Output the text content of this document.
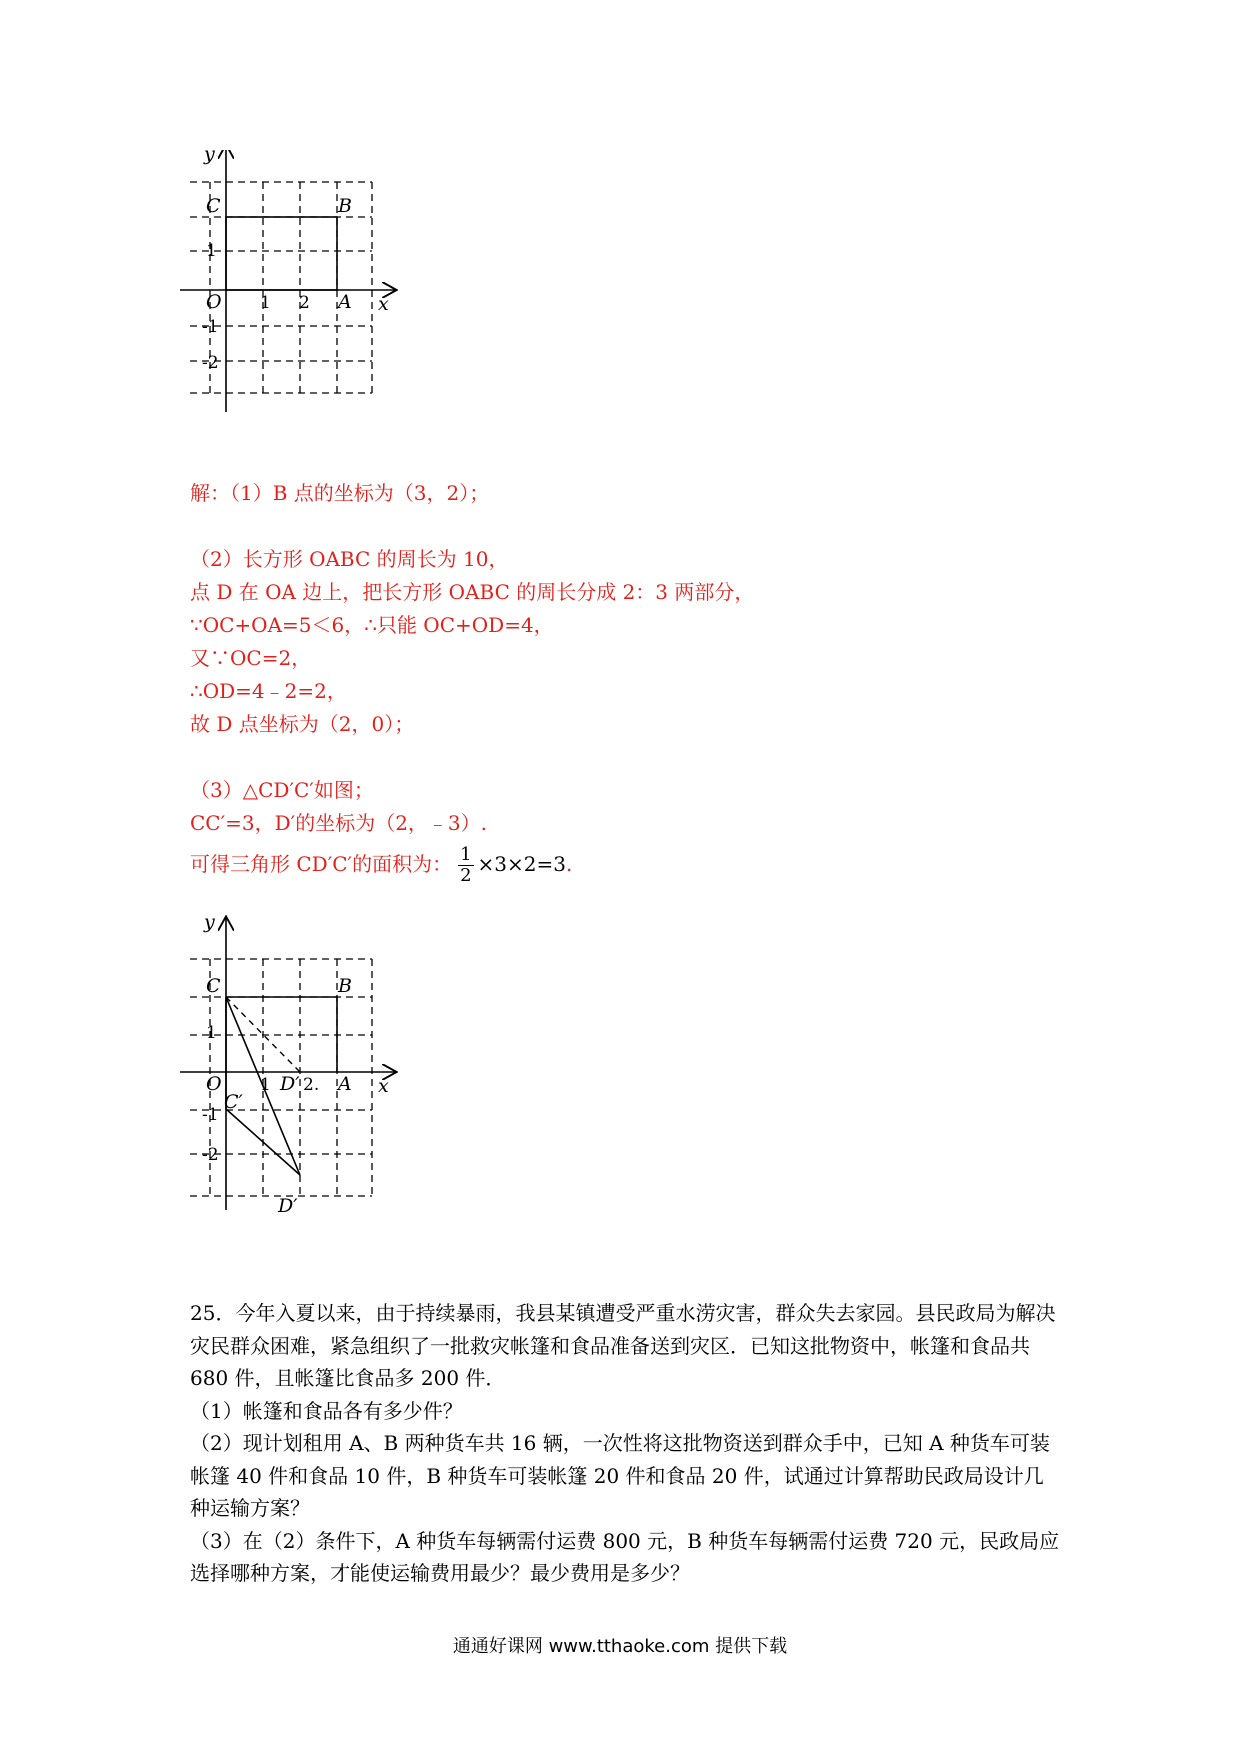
y
x
C	B
O	A
1 2
1
-1
-2

解：（1）B 点的坐标为（3，2）；

（2）长方形 OABC 的周长为 10，

点 D 在 OA 边上，把长方形 OABC 的周长分成 2：3 两部分，

∵OC+OA=5＜6，∴只能 OC+OD=4，

又∵OC=2，

∴OD=4﹣2=2，

故 D 点坐标为（2，0）；

（3）△CD′C′如图；

CC′=3，D′的坐标为（2，﹣3）.

可得三角形 CD′C′的面积为： $\frac{1}{2} \times 3\times 2=3$.
y
x
C	B
O	A
D′
C′
D′
1 2.
1
-1
-2

25．今年入夏以来，由于持续暴雨，我县某镇遭受严重水涝灾害，群众失去家园。县民政局为解决灾民群众困难，紧急组织了一批救灾帐篷和食品准备送到灾区．已知这批物资中，帐篷和食品共 680 件，且帐篷比食品多 200 件．

（1）帐篷和食品各有多少件？

（2）现计划租用 A、B 两种货车共 16 辆，一次性将这批物资送到群众手中，已知 A 种货车可装帐篷 40 件和食品 10 件，B 种货车可装帐篷 20 件和食品 20 件，试通过计算帮助民政局设计几种运输方案？

（3）在（2）条件下，A 种货车每辆需付运费 800 元，B 种货车每辆需付运费 720 元，民政局应选择哪种方案，才能使运输费用最少？最少费用是多少？

通通好课网 www.tthaoke.com 提供下载
